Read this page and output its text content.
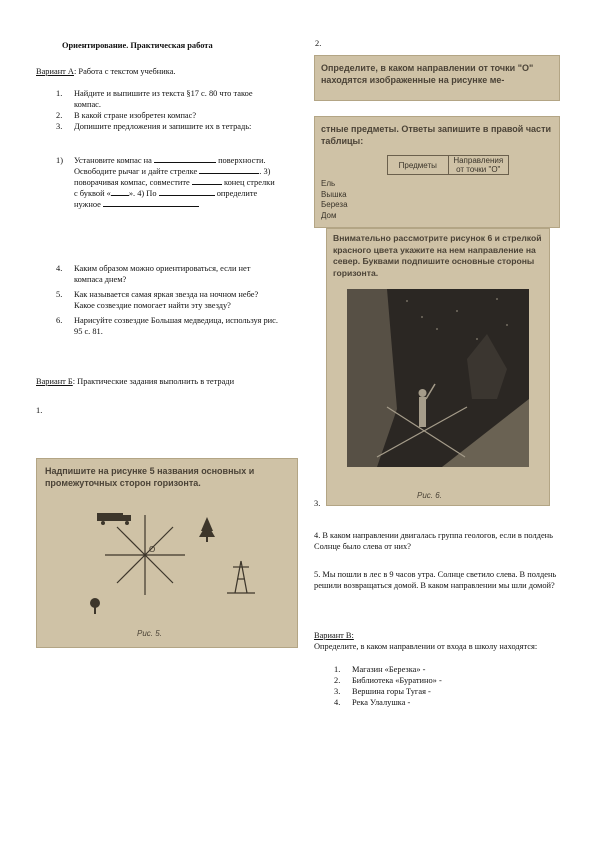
Ориентирование. Практическая работа
Вариант А: Работа с текстом учебника.
1. Найдите и выпишите из текста §17 с. 80 что такое компас.
2. В какой стране изобретен компас?
3. Допишите предложения и запишите их в тетрадь:
1)	Установите компас на	поверхности. Освободите рычаг и дайте стрелке	. 3) поворачивая компас, совместите	конец стрелки с буквой « ». 4) По	определите нужное
4. Каким образом можно ориентироваться, если нет компаса днем?
5. Как называется самая яркая звезда на ночном небе? Какое созвездие помогает найти эту звезду?
6. Нарисуйте созвездие Большая медведица, используя рис. 95 с. 81.
Вариант Б: Практические задания выполнить в тетради
1.
Надпишите на рисунке 5 названия основных и промежуточных сторон горизонта.
О
Рис. 5.
2.
Определите, в каком направлении от точки "О" находятся изображенные на рисунке ме-
стные предметы. Ответы запишите в правой части таблицы:
Предметы	Направления от точки "О"
Ель
Вышка
Береза
Дом
Внимательно рассмотрите рисунок 6 и стрелкой красного цвета укажите на нем направление на север. Буквами подпишите основные стороны горизонта.
Рис. 6.
3.
4. В каком направлении двигалась группа геологов, если в полдень Солнце было слева от них?
5. Мы пошли в лес в 9 часов утра. Солнце светило слева. В полдень решили возвращаться домой. В каком направлении мы шли домой?
Вариант В:
Определите, в каком направлении от входа в школу находятся:
1. Магазин «Березка» -
2. Библиотека «Буратино» -
3. Вершина горы Тугая -
4. Река Улалушка -
